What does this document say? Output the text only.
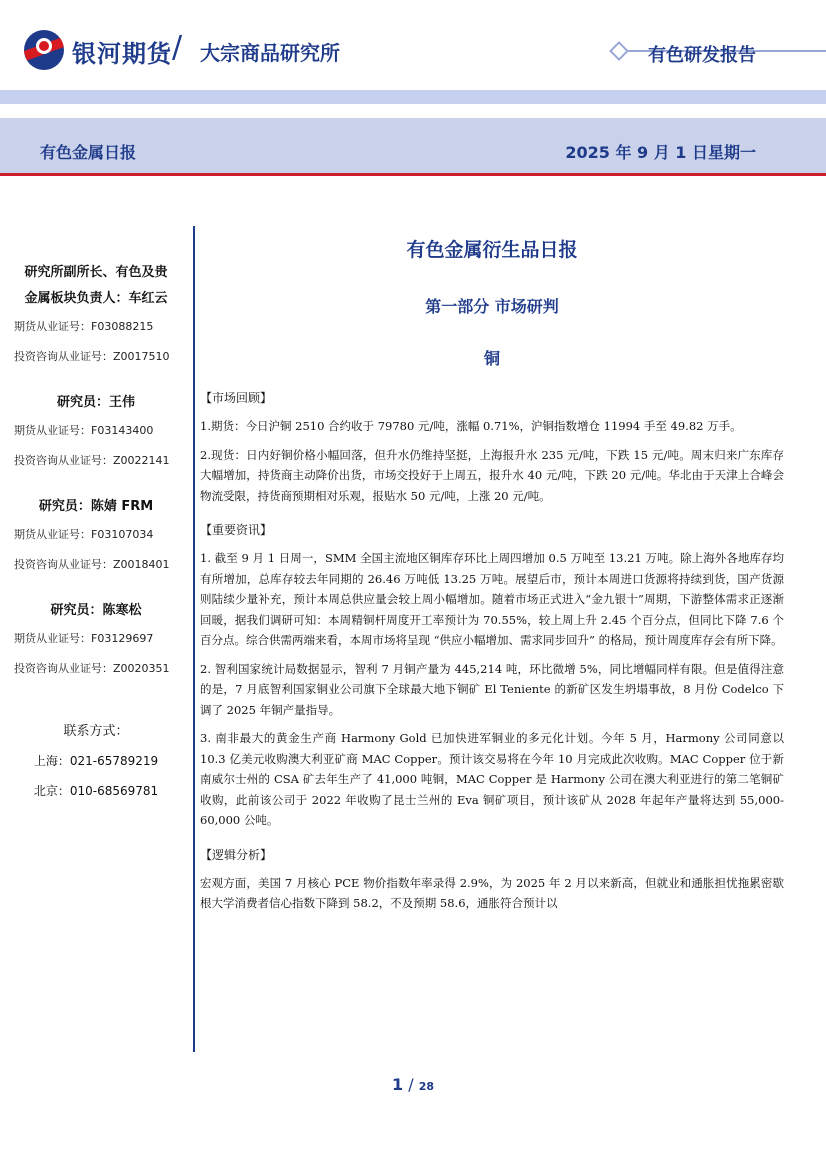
银河期货 / 大宗商品研究所	有色研发报告
有色金属日报	2025 年 9 月 1 日星期一
研究所副所长、有色及贵
金属板块负责人：车红云
期货从业证号：F03088215
投资咨询从业证号：Z0017510
研究员：王伟
期货从业证号：F03143400
投资咨询从业证号：Z0022141
研究员：陈婧 FRM
期货从业证号：F03107034
投资咨询从业证号：Z0018401
研究员：陈寒松
期货从业证号：F03129697
投资咨询从业证号：Z0020351
联系方式：
上海：021-65789219
北京：010-68569781
有色金属衍生品日报
第一部分 市场研判
铜
【市场回顾】
1.期货：今日沪铜 2510 合约收于 79780 元/吨，涨幅 0.71%，沪铜指数增仓 11994 手至 49.82 万手。
2.现货：日内好铜价格小幅回落，但升水仍维持坚挺，上海报升水 235 元/吨，下跌 15 元/吨。周末归来广东库存大幅增加，持货商主动降价出货，市场交投好于上周五，报升水 40 元/吨，下跌 20 元/吨。华北由于天津上合峰会物流受限，持货商预期相对乐观，报贴水 50 元/吨，上涨 20 元/吨。
【重要资讯】
1. 截至 9 月 1 日周一，SMM 全国主流地区铜库存环比上周四增加 0.5 万吨至 13.21 万吨。除上海外各地库存均有所增加，总库存较去年同期的 26.46 万吨低 13.25 万吨。展望后市，预计本周进口货源将持续到货，国产货源则陆续少量补充，预计本周总供应量会较上周小幅增加。随着市场正式进入“金九银十”周期，下游整体需求正逐渐回暖，据我们调研可知：本周精铜杆周度开工率预计为 70.55%，较上周上升 2.45 个百分点，但同比下降 7.6 个百分点。综合供需两端来看，本周市场将呈现 “供应小幅增加、需求同步回升” 的格局，预计周度库存会有所下降。
2. 智利国家统计局数据显示，智利 7 月铜产量为 445,214 吨，环比微增 5%，同比增幅同样有限。但是值得注意的是，7 月底智利国家铜业公司旗下全球最大地下铜矿 El Teniente 的新矿区发生坍塌事故，8 月份 Codelco 下调了 2025 年铜产量指导。
3. 南非最大的黄金生产商 Harmony Gold 已加快进军铜业的多元化计划。今年 5 月，Harmony 公司同意以 10.3 亿美元收购澳大利亚矿商 MAC Copper。预计该交易将在今年 10 月完成此次收购。MAC Copper 位于新南威尔士州的 CSA 矿去年生产了 41,000 吨铜，MAC Copper 是 Harmony 公司在澳大利亚进行的第二笔铜矿收购，此前该公司于 2022 年收购了昆士兰州的 Eva 铜矿项目，预计该矿从 2028 年起年产量将达到 55,000-60,000 公吨。
【逻辑分析】
宏观方面，美国 7 月核心 PCE 物价指数年率录得 2.9%，为 2025 年 2 月以来新高，但就业和通胀担忧拖累密歇根大学消费者信心指数下降到 58.2，不及预期 58.6，通胀符合预计以
1 / 28
